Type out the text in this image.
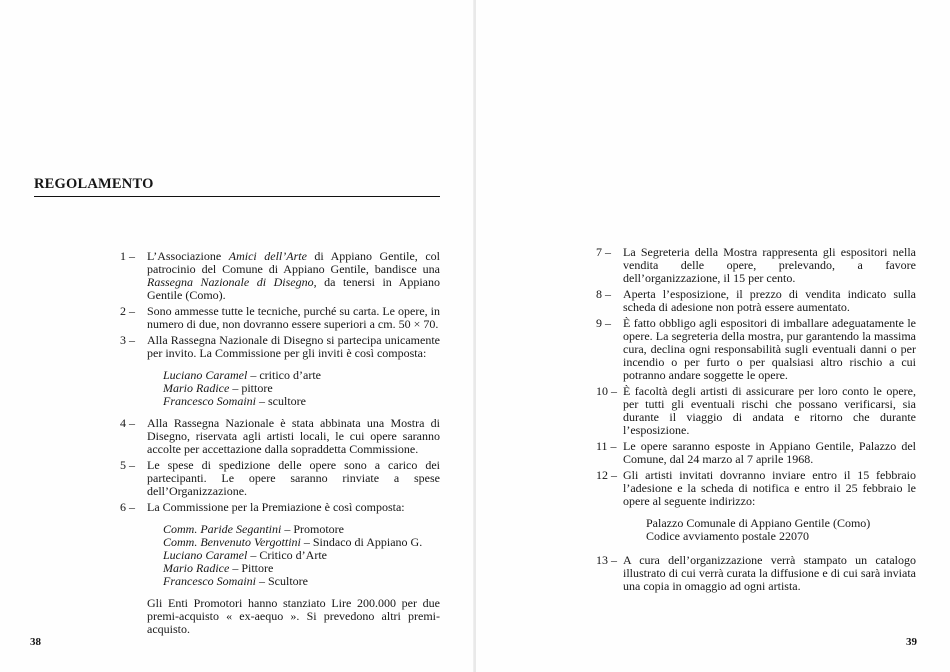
REGOLAMENTO
1 –	L’Associazione Amici dell’Arte di Appiano Gentile, col patrocinio del Comune di Appiano Gentile, bandisce una Rassegna Nazionale di Disegno, da tenersi in Appiano Gentile (Como).
2 –	Sono ammesse tutte le tecniche, purché su carta. Le opere, in numero di due, non dovranno essere superiori a cm. 50 × 70.
3 –	Alla Rassegna Nazionale di Disegno si partecipa unicamente per invito. La Commissione per gli inviti è così composta:
Luciano Caramel – critico d’arte
Mario Radice – pittore
Francesco Somaini – scultore
4 –	Alla Rassegna Nazionale è stata abbinata una Mostra di Disegno, riservata agli artisti locali, le cui opere saranno accolte per accettazione dalla sopraddetta Commissione.
5 –	Le spese di spedizione delle opere sono a carico dei partecipanti. Le opere saranno rinviate a spese dell’Organizzazione.
6 –	La Commissione per la Premiazione è così composta:
Comm. Paride Segantini – Promotore
Comm. Benvenuto Vergottini – Sindaco di Appiano G.
Luciano Caramel – Critico d’Arte
Mario Radice – Pittore
Francesco Somaini – Scultore
Gli Enti Promotori hanno stanziato Lire 200.000 per due premi-acquisto « ex-aequo ». Si prevedono altri premi-acquisto.
38
7 –	La Segreteria della Mostra rappresenta gli espositori nella vendita delle opere, prelevando, a favore dell’organizzazione, il 15 per cento.
8 –	Aperta l’esposizione, il prezzo di vendita indicato sulla scheda di adesione non potrà essere aumentato.
9 –	È fatto obbligo agli espositori di imballare adeguatamente le opere. La segreteria della mostra, pur garantendo la massima cura, declina ogni responsabilità sugli eventuali danni o per incendio o per furto o per qualsiasi altro rischio a cui potranno andare soggette le opere.
10 – È facoltà degli artisti di assicurare per loro conto le opere, per tutti gli eventuali rischi che possano verificarsi, sia durante il viaggio di andata e ritorno che durante l’esposizione.
11 – Le opere saranno esposte in Appiano Gentile, Palazzo del Comune, dal 24 marzo al 7 aprile 1968.
12 – Gli artisti invitati dovranno inviare entro il 15 febbraio l’adesione e la scheda di notifica e entro il 25 febbraio le opere al seguente indirizzo:
Palazzo Comunale di Appiano Gentile (Como)
Codice avviamento postale 22070
13 – A cura dell’organizzazione verrà stampato un catalogo illustrato di cui verrà curata la diffusione e di cui sarà inviata una copia in omaggio ad ogni artista.
39
